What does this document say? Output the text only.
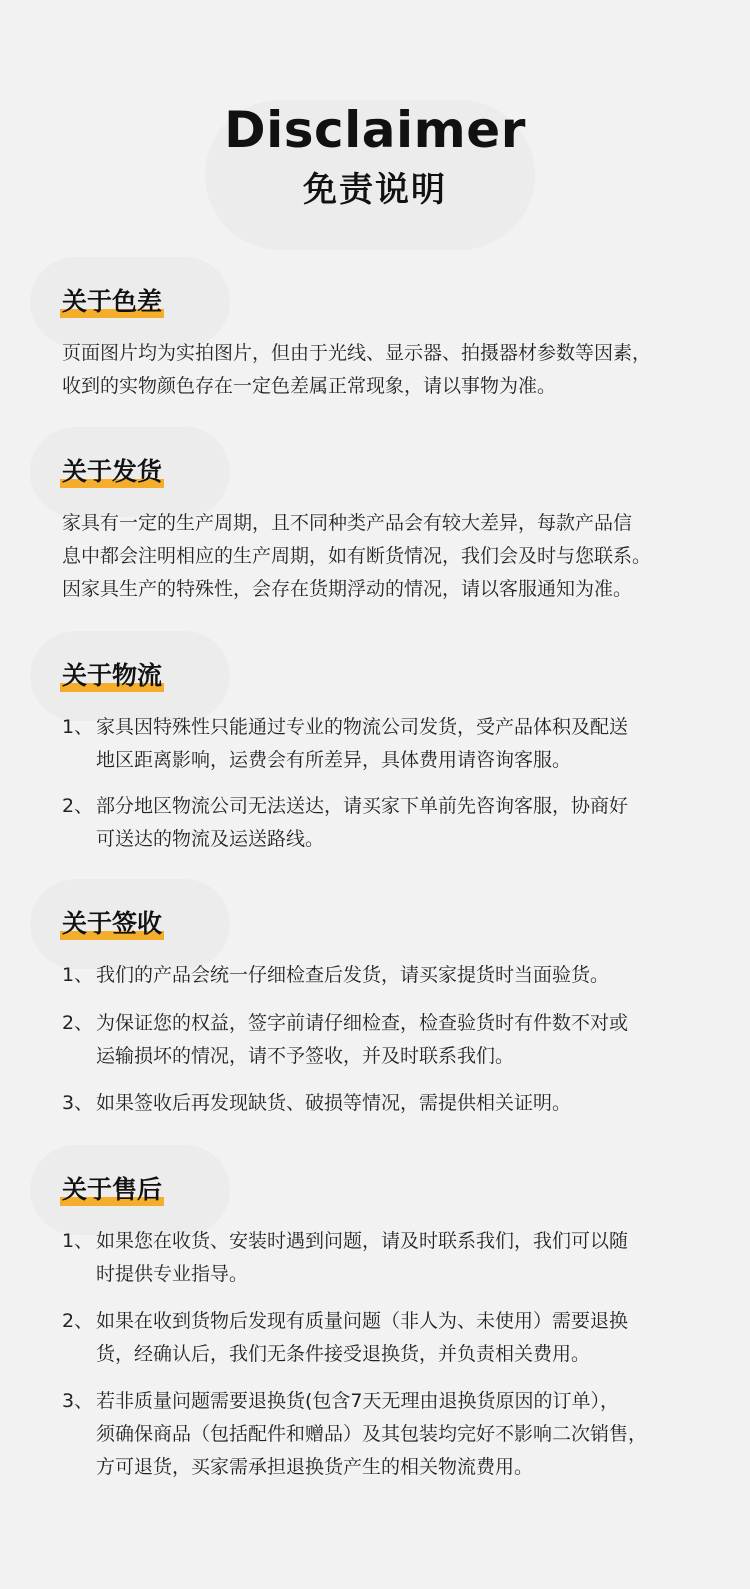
Disclaimer
免责说明
关于色差

页面图片均为实拍图片，但由于光线、显示器、拍摄器材参数等因素，
收到的实物颜色存在一定色差属正常现象，请以事物为准。

关于发货

家具有一定的生产周期，且不同种类产品会有较大差异，每款产品信
息中都会注明相应的生产周期，如有断货情况，我们会及时与您联系。
因家具生产的特殊性，会存在货期浮动的情况，请以客服通知为准。

关于物流
1、 家具因特殊性只能通过专业的物流公司发货，受产品体积及配送
地区距离影响，运费会有所差异，具体费用请咨询客服。
2、 部分地区物流公司无法送达，请买家下单前先咨询客服，协商好
可送达的物流及运送路线。
关于签收
1、 我们的产品会统一仔细检查后发货，请买家提货时当面验货。
2、 为保证您的权益，签字前请仔细检查，检查验货时有件数不对或
运输损坏的情况，请不予签收，并及时联系我们。
3、 如果签收后再发现缺货、破损等情况，需提供相关证明。
关于售后
1、 如果您在收货、安装时遇到问题，请及时联系我们，我们可以随
时提供专业指导。
2、 如果在收到货物后发现有质量问题（非人为、未使用）需要退换
货，经确认后，我们无条件接受退换货，并负责相关费用。
3、 若非质量问题需要退换货(包含7天无理由退换货原因的订单），
须确保商品（包括配件和赠品）及其包装均完好不影响二次销售，
方可退货，买家需承担退换货产生的相关物流费用。
